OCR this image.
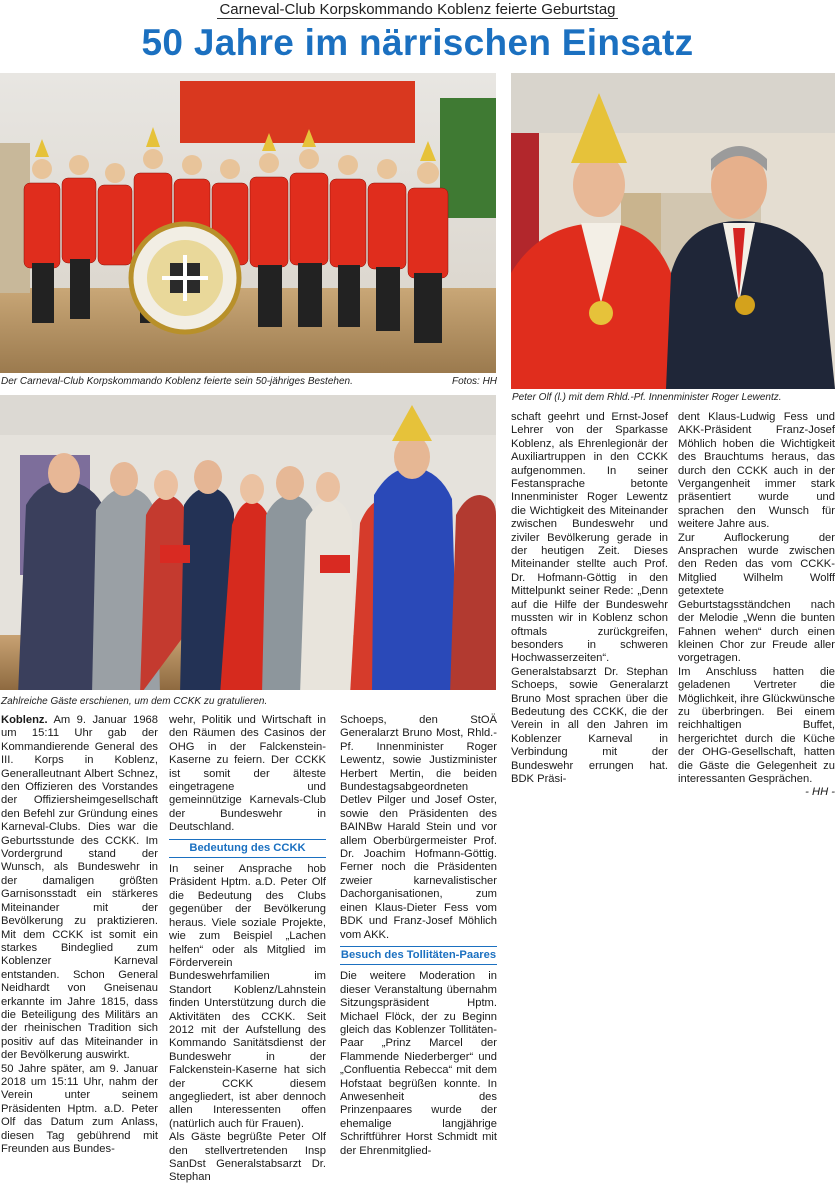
Carneval-Club Korpskommando Koblenz feierte Geburtstag
50 Jahre im närrischen Einsatz
Der Carneval-Club Korpskommando Koblenz feierte sein 50-jähriges Bestehen.	Fotos: HH
Peter Olf (l.) mit dem Rhld.-Pf. Innenminister Roger Lewentz.
Zahlreiche Gäste erschienen, um dem CCKK zu gratulieren.

Koblenz. Am 9. Januar 1968 um 15:11 Uhr gab der Kommandierende General des III. Korps in Koblenz, Generalleutnant Albert Schnez, den Offizieren des Vorstandes der Offiziersheimgesellschaft den Befehl zur Gründung eines Karneval-Clubs. Dies war die Geburtsstunde des CCKK. Im Vordergrund stand der Wunsch, als Bundeswehr in der damaligen größten Garnisonsstadt ein stärkeres Miteinander mit der Bevölkerung zu praktizieren. Mit dem CCKK ist somit ein starkes Bindeglied zum Koblenzer Karneval entstanden. Schon General Neidhardt von Gneisenau erkannte im Jahre 1815, dass die Beteiligung des Militärs an der rheinischen Tradition sich positiv auf das Miteinander in der Bevölkerung auswirkt.

50 Jahre später, am 9. Januar 2018 um 15:11 Uhr, nahm der Verein unter seinem Präsidenten Hptm. a.D. Peter Olf das Datum zum Anlass, diesen Tag gebührend mit Freunden aus Bundes-

wehr, Politik und Wirtschaft in den Räumen des Casinos der OHG in der Falckenstein-Kaserne zu feiern. Der CCKK ist somit der älteste eingetragene und gemeinnützige Karnevals-Club der Bundeswehr in Deutschland.

Bedeutung des CCKK

In seiner Ansprache hob Präsident Hptm. a.D. Peter Olf die Bedeutung des Clubs gegenüber der Bevölkerung heraus. Viele soziale Projekte, wie zum Beispiel „Lachen helfen“ oder als Mitglied im Förderverein Bundeswehrfamilien im Standort Koblenz/Lahnstein finden Unterstützung durch die Aktivitäten des CCKK. Seit 2012 mit der Aufstellung des Kommando Sanitätsdienst der Bundeswehr in der Falckenstein-Kaserne hat sich der CCKK diesem angegliedert, ist aber dennoch allen Interessenten offen (natürlich auch für Frauen).

Als Gäste begrüßte Peter Olf den stellvertretenden Insp SanDst Generalstabsarzt Dr. Stephan

Schoeps, den StOÄ Generalarzt Bruno Most, Rhld.-Pf. Innenminister Roger Lewentz, sowie Justizminister Herbert Mertin, die beiden Bundestagsabgeordneten Detlev Pilger und Josef Oster, sowie den Präsidenten des BAINBw Harald Stein und vor allem Oberbürgermeister Prof. Dr. Joachim Hofmann-Göttig. Ferner noch die Präsidenten zweier karnevalistischer Dachorganisationen, zum einen Klaus-Dieter Fess vom BDK und Franz-Josef Möhlich vom AKK.

Besuch des Tollitäten-Paares

Die weitere Moderation in dieser Veranstaltung übernahm Sitzungspräsident Hptm. Michael Flöck, der zu Beginn gleich das Koblenzer Tollitäten-Paar „Prinz Marcel der Flammende Niederberger“ und „Confluentia Rebecca“ mit dem Hofstaat begrüßen konnte. In Anwesenheit des Prinzenpaares wurde der ehemalige langjährige Schriftführer Horst Schmidt mit der Ehrenmitglied-

schaft geehrt und Ernst-Josef Lehrer von der Sparkasse Koblenz, als Ehrenlegionär der Auxiliartruppen in den CCKK aufgenommen. In seiner Festansprache betonte Innenminister Roger Lewentz die Wichtigkeit des Miteinander zwischen Bundeswehr und ziviler Bevölkerung gerade in der heutigen Zeit. Dieses Miteinander stellte auch Prof. Dr. Hofmann-Göttig in den Mittelpunkt seiner Rede: „Denn auf die Hilfe der Bundeswehr mussten wir in Koblenz schon oftmals zurückgreifen, besonders in schweren Hochwasserzeiten“. Generalstabsarzt Dr. Stephan Schoeps, sowie Generalarzt Bruno Most sprachen über die Bedeutung des CCKK, die der Verein in all den Jahren im Koblenzer Karneval in Verbindung mit der Bundeswehr errungen hat. BDK Präsi-

dent Klaus-Ludwig Fess und AKK-Präsident Franz-Josef Möhlich hoben die Wichtigkeit des Brauchtums heraus, das durch den CCKK auch in der Vergangenheit immer stark präsentiert wurde und sprachen den Wunsch für weitere Jahre aus.

Zur Auflockerung der Ansprachen wurde zwischen den Reden das vom CCKK-Mitglied Wilhelm Wolff getextete Geburtstagsständchen nach der Melodie „Wenn die bunten Fahnen wehen“ durch einen kleinen Chor zur Freude aller vorgetragen.

Im Anschluss hatten die geladenen Vertreter die Möglichkeit, ihre Glückwünsche zu überbringen. Bei einem reichhaltigen Buffet, hergerichtet durch die Küche der OHG-Gesellschaft, hatten die Gäste die Gelegenheit zu interessanten Gesprächen.
- HH -
